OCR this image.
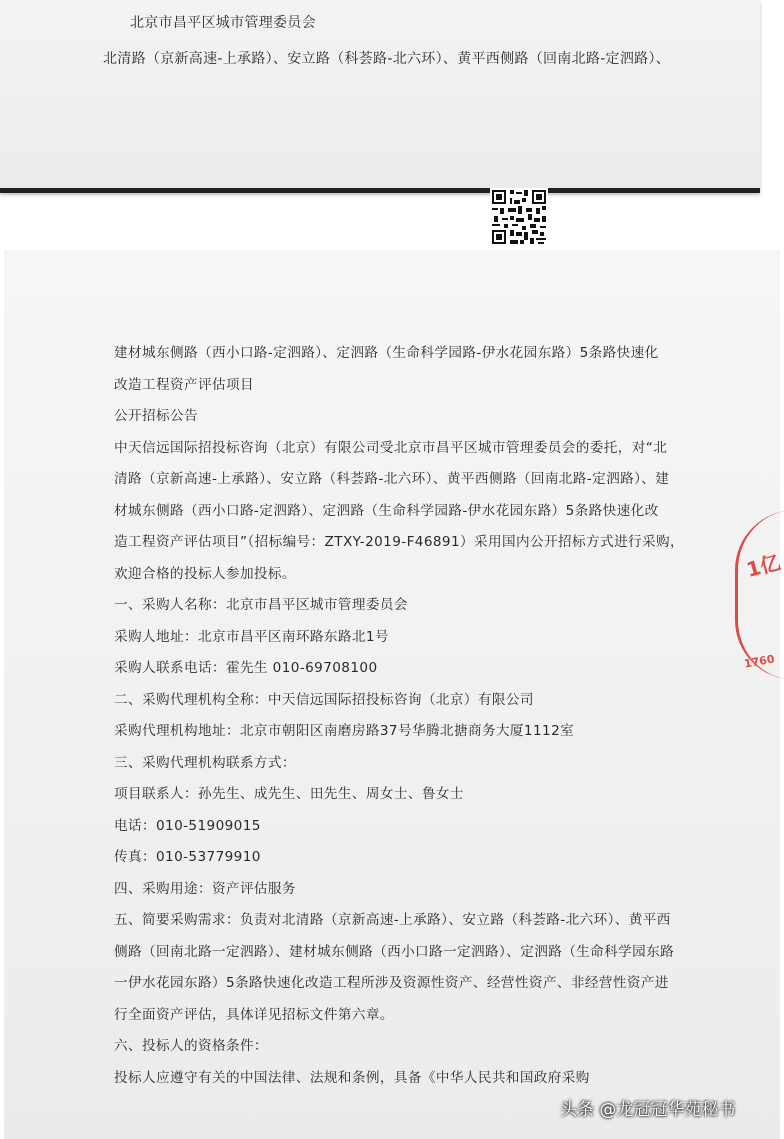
北京市昌平区城市管理委员会
北清路（京新高速-上承路）、安立路（科荟路-北六环）、黄平西侧路（回南北路-定泗路）、
建材城东侧路（西小口路-定泗路）、定泗路（生命科学园路-伊水花园东路）5条路快速化
改造工程资产评估项目
公开招标公告
中天信远国际招投标咨询（北京）有限公司受北京市昌平区城市管理委员会的委托，对“北
清路（京新高速-上承路）、安立路（科荟路-北六环）、黄平西侧路（回南北路-定泗路）、建
材城东侧路（西小口路-定泗路）、定泗路（生命科学园路-伊水花园东路）5条路快速化改
造工程资产评估项目”（招标编号：ZTXY-2019-F46891）采用国内公开招标方式进行采购，
欢迎合格的投标人参加投标。
一、采购人名称：北京市昌平区城市管理委员会
采购人地址：北京市昌平区南环路东路北1号
采购人联系电话：霍先生 010-69708100
二、采购代理机构全称：中天信远国际招投标咨询（北京）有限公司
采购代理机构地址：北京市朝阳区南磨房路37号华腾北搪商务大厦1112室
三、采购代理机构联系方式：
项目联系人：孙先生、成先生、田先生、周女士、鲁女士
电话：010-51909015
传真：010-53779910
四、采购用途：资产评估服务
五、简要采购需求：负责对北清路（京新高速-上承路）、安立路（科荟路-北六环）、黄平西
侧路（回南北路一定泗路）、建材城东侧路（西小口路一定泗路）、定泗路（生命科学园东路
一伊水花园东路）5条路快速化改造工程所涉及资源性资产、经营性资产、非经营性资产进
行全面资产评估，具体详见招标文件第六章。
六、投标人的资格条件：
投标人应遵守有关的中国法律、法规和条例，具备《中华人民共和国政府采购
1亿
1760
头条 @龙冠冠华苑秘书
